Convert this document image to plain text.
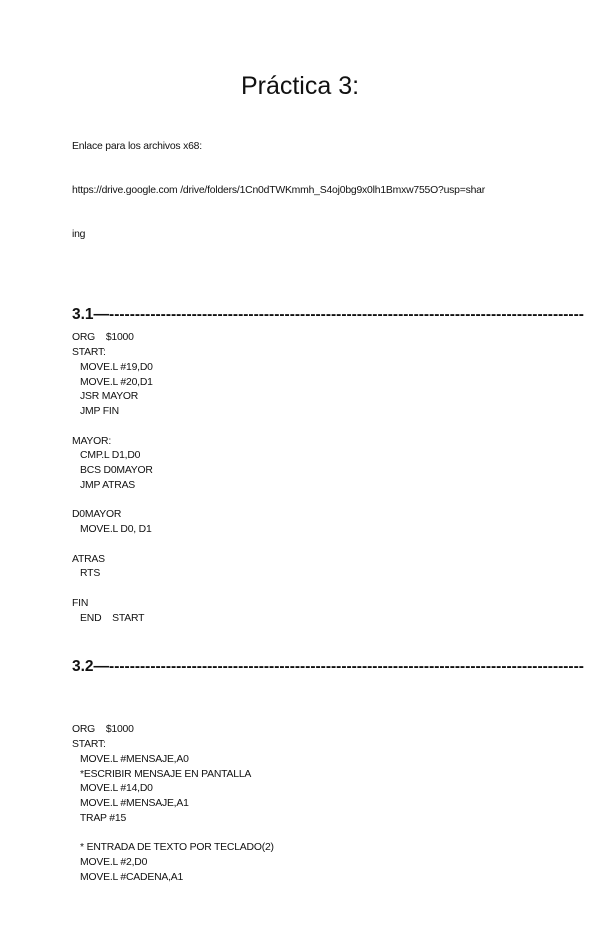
Práctica 3:

Enlace para los archivos x68:

https://drive.google.com /drive/folders/1Cn0dTWKmmh_S4oj0bg9x0lh1Bmxw755O?usp=shar

ing

3.1—--------------------------------------------------------------------------------------------
ORG    $1000
START:
MOVE.L #19,D0
MOVE.L #20,D1
JSR MAYOR
JMP FIN
MAYOR:
CMP.L D1,D0
BCS D0MAYOR
JMP ATRAS
D0MAYOR
MOVE.L D0, D1
ATRAS
RTS
FIN
END    START
3.2—--------------------------------------------------------------------------------------------
ORG    $1000
START:
MOVE.L #MENSAJE,A0
*ESCRIBIR MENSAJE EN PANTALLA
MOVE.L #14,D0
MOVE.L #MENSAJE,A1
TRAP #15
* ENTRADA DE TEXTO POR TECLADO(2)
MOVE.L #2,D0
MOVE.L #CADENA,A1
